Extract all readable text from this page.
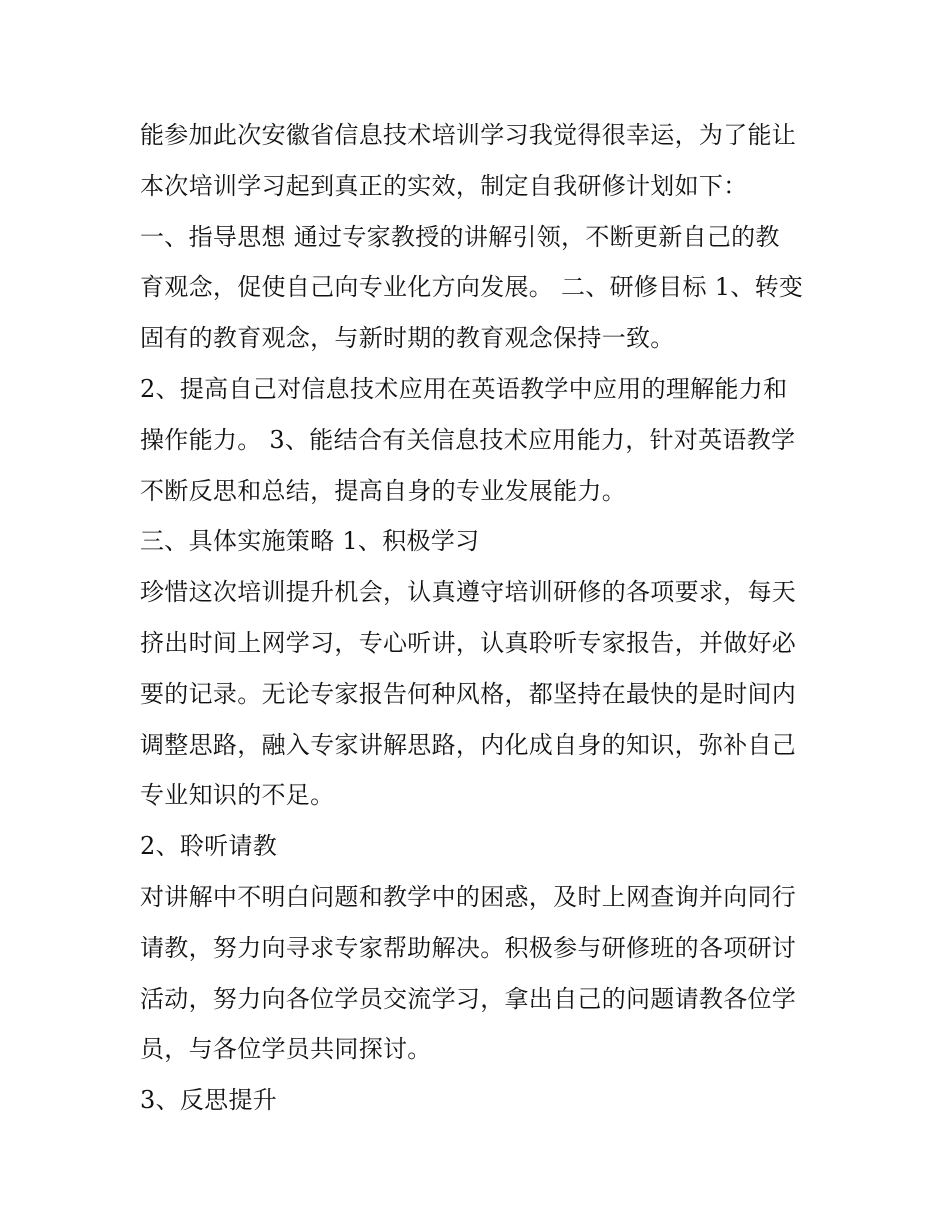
能参加此次安徽省信息技术培训学习我觉得很幸运，为了能让
本次培训学习起到真正的实效，制定自我研修计划如下：
一、指导思想 通过专家教授的讲解引领，不断更新自己的教
育观念，促使自己向专业化方向发展。 二、研修目标 1、转变
固有的教育观念，与新时期的教育观念保持一致。
2、提高自己对信息技术应用在英语教学中应用的理解能力和
操作能力。 3、能结合有关信息技术应用能力，针对英语教学
不断反思和总结，提高自身的专业发展能力。
三、具体实施策略 1、积极学习
珍惜这次培训提升机会，认真遵守培训研修的各项要求，每天
挤出时间上网学习，专心听讲，认真聆听专家报告，并做好必
要的记录。无论专家报告何种风格，都坚持在最快的是时间内
调整思路，融入专家讲解思路，内化成自身的知识，弥补自己
专业知识的不足。
2、聆听请教
对讲解中不明白问题和教学中的困惑，及时上网查询并向同行
请教，努力向寻求专家帮助解决。积极参与研修班的各项研讨
活动，努力向各位学员交流学习，拿出自己的问题请教各位学
员，与各位学员共同探讨。
3、反思提升
